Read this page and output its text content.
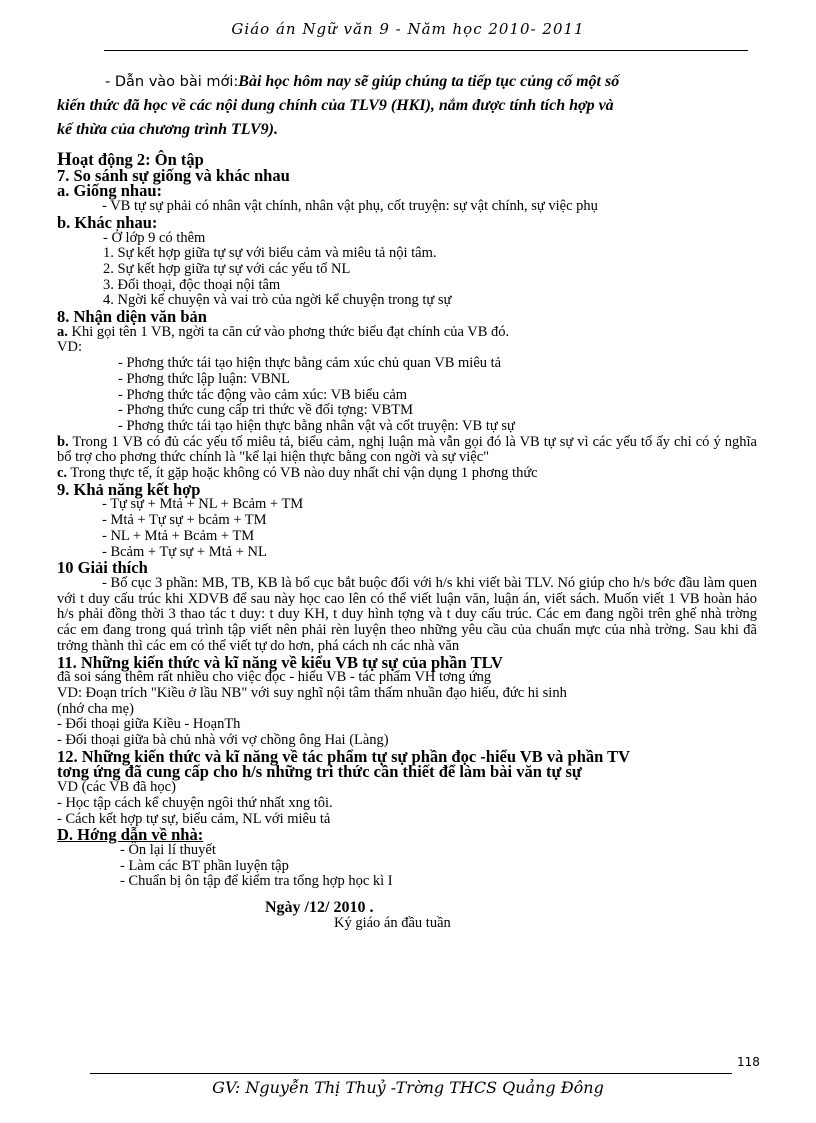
Giáo án Ngữ văn 9 - Năm học 2010- 2011
- Dẫn vào bài mới:Bài học hôm nay sẽ giúp chúng ta tiếp tục củng cố một số
kiến thức đã học về các nội dung chính của TLV9 (HKI), nắm được tính tích hợp và
kế thừa của chương trình TLV9).
Hoạt động 2: Ôn tập
7. So sánh sự giống và khác nhau
a. Giống nhau:
- VB tự sự phải có nhân vật chính, nhân vật phụ, cốt truyện: sự vật chính, sự việc phụ
b. Khác nhau:
- Ở lớp 9 có thêm
1. Sự kết hợp giữa tự sự với biểu cảm và miêu tả nội tâm.
2. Sự kết hợp giữa tự sự với các yếu tố NL
3. Đối thoại, độc thoại nội tâm
4. Ngời kể chuyện và vai trò của ngời kể chuyện trong tự sự
8. Nhận diện văn bản
a. Khi gọi tên 1 VB, ngời ta căn cứ vào phơng thức biểu đạt chính của VB đó.
VD:
- Phơng thức tái tạo hiện thực bằng cảm xúc chủ quan VB miêu tả
- Phơng thức lập luận: VBNL
- Phơng thức tác động vào cảm xúc: VB biểu cảm
- Phơng thức cung cấp tri thức về đối tợng: VBTM
- Phơng thức tái tạo hiện thực bằng nhân vật và cốt truyện: VB tự sự
b. Trong 1 VB có đủ các yếu tố miêu tả, biểu cảm, nghị luận mà vẫn gọi đó là VB tự sự vì các yếu tố ấy chỉ có ý nghĩa bổ trợ cho phơng thức chính là "kể lại hiện thực bằng con ngời và sự việc"
c. Trong thực tế, ít gặp hoặc không có VB nào duy nhất chỉ vận dụng 1 phơng thức
9. Khả năng kết hợp
- Tự sự + Mtả + NL + Bcảm + TM
- Mtả + Tự sự + bcảm + TM
- NL + Mtả + Bcảm + TM
- Bcảm + Tự sự + Mtả + NL
10 Giải thích
- Bố cục 3 phần: MB, TB, KB là bố cục bắt buộc đối với h/s khi viết bài TLV. Nó giúp cho h/s bớc đầu làm quen với t duy cấu trúc khi XDVB để sau này học cao lên có thể viết luận văn, luận án, viết sách. Muốn viết 1 VB hoàn hảo h/s phải đồng thời 3 thao tác t duy: t duy KH, t duy hình tợng và t duy cấu trúc. Các em đang ngồi trên ghế nhà trờng các em đang trong quá trình tập viết nên phải rèn luyện theo những yêu cầu của chuẩn mực của nhà trờng. Sau khi đã trởng thành thì các em có thể viết tự do hơn, phá cách nh các nhà văn
11. Những kiến thức và kĩ năng về kiểu VB tự sự của phần TLV
đã soi sáng thêm rất nhiều cho việc đọc - hiểu VB - tác phẩm VH tơng ứng
VD: Đoạn trích "Kiều ở lầu NB" với suy nghĩ nội tâm thấm nhuần đạo hiếu, đức hi sinh
(nhớ cha mẹ)
- Đối thoại giữa Kiều - HoạnTh
- Đối thoại giữa bà chủ nhà với vợ chồng ông Hai (Làng)
12. Những kiến thức và kĩ năng về tác phẩm tự sự phần đọc -hiểu VB và phần TV
tơng ứng đã cung cấp cho h/s những tri thức cần thiết để làm bài văn tự sự
VD (các VB đã học)
- Học tập cách kể chuyện ngôi thứ nhất xng tôi.
- Cách kết hợp tự sự, biểu cảm, NL với miêu tả
D. Hớng dẫn về nhà:
- Ôn lại lí thuyết
- Làm các BT phần luyện tập
- Chuẩn bị ôn tập để kiểm tra tổng hợp học kì I
Ngày /12/ 2010 .
Ký giáo án đầu tuần
118
GV: Nguyễn Thị Thuỷ -Trờng THCS Quảng Đông
